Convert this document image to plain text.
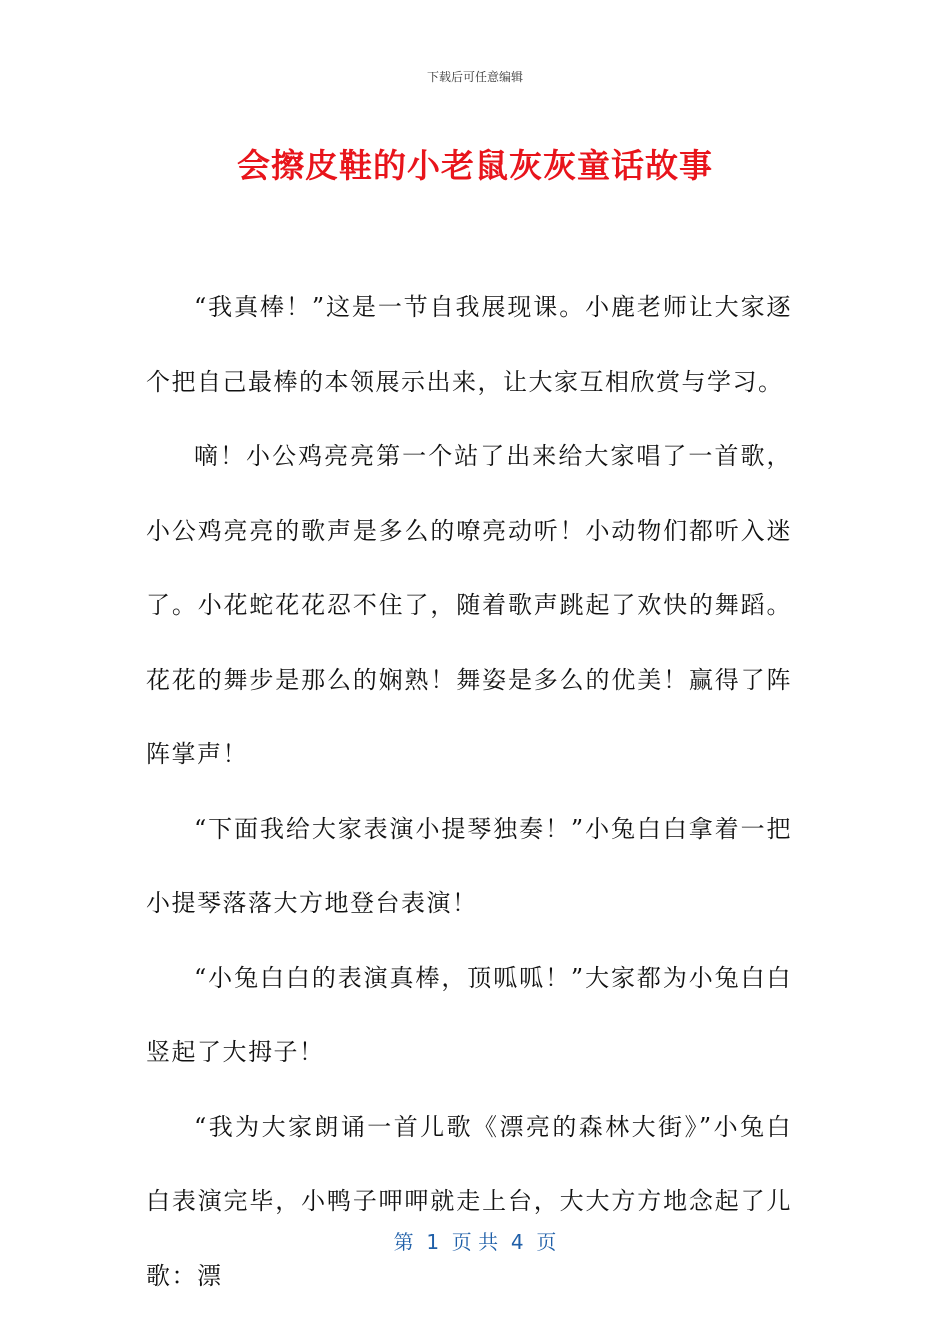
下载后可任意编辑
会擦皮鞋的小老鼠灰灰童话故事

“我真棒！”这是一节自我展现课。小鹿老师让大家逐个把自己最棒的本领展示出来，让大家互相欣赏与学习。

嘀！小公鸡亮亮第一个站了出来给大家唱了一首歌，小公鸡亮亮的歌声是多么的嘹亮动听！小动物们都听入迷了。小花蛇花花忍不住了，随着歌声跳起了欢快的舞蹈。花花的舞步是那么的娴熟！舞姿是多么的优美！赢得了阵阵掌声！

“下面我给大家表演小提琴独奏！”小兔白白拿着一把小提琴落落大方地登台表演！

“小兔白白的表演真棒，顶呱呱！”大家都为小兔白白竖起了大拇子！

“我为大家朗诵一首儿歌《漂亮的森林大街》”小兔白白表演完毕，小鸭子呷呷就走上台，大大方方地念起了儿歌：漂

第  1  页 共  4  页
